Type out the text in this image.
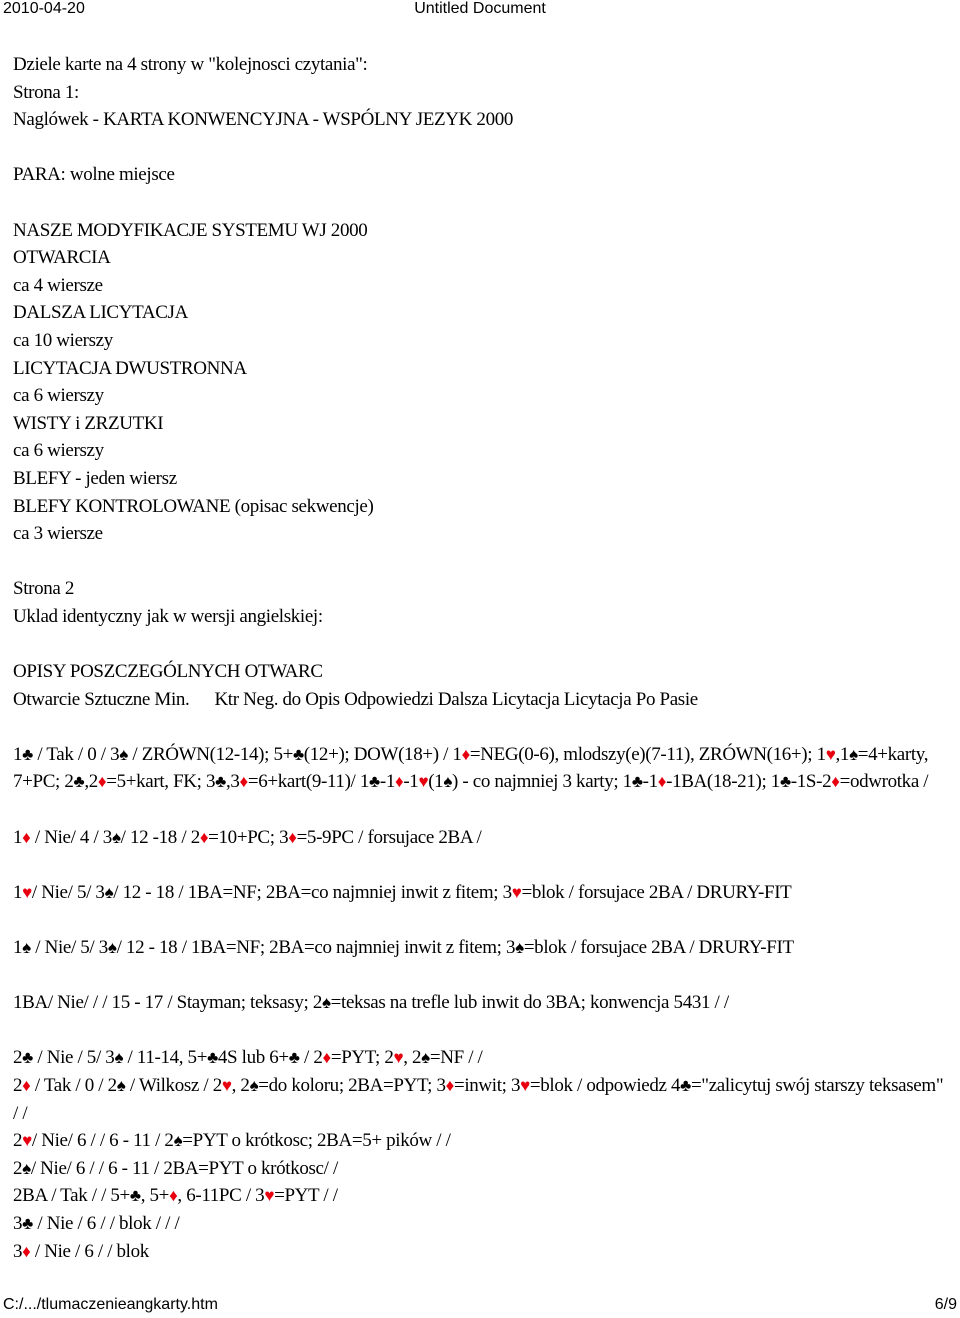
2010-04-20	Untitled Document
Dziele karte na 4 strony w "kolejnosci czytania":
Strona 1:
Naglówek - KARTA KONWENCYJNA - WSPÓLNY JEZYK 2000
PARA: wolne miejsce
NASZE MODYFIKACJE SYSTEMU WJ 2000
OTWARCIA
ca 4 wiersze
DALSZA LICYTACJA
ca 10 wierszy
LICYTACJA DWUSTRONNA
ca 6 wierszy
WISTY i ZRZUTKI
ca 6 wierszy
BLEFY - jeden wiersz
BLEFY KONTROLOWANE (opisac sekwencje)
ca 3 wiersze
Strona 2
Uklad identyczny jak w wersji angielskiej:
OPISY POSZCZEGÓLNYCH OTWARC
Otwarcie Sztuczne Min. Ktr Neg. do Opis Odpowiedzi Dalsza Licytacja Licytacja Po Pasie
1♣ / Tak / 0 / 3♠ / ZRÓWN(12-14); 5+♣(12+); DOW(18+) / 1♦=NEG(0-6), mlodszy(e)(7-11), ZRÓWN(16+); 1♥,1♠=4+karty, 7+PC; 2♣,2♦=5+kart, FK; 3♣,3♦=6+kart(9-11)/ 1♣-1♦-1♥(1♠) - co najmniej 3 karty; 1♣-1♦-1BA(18-21); 1♣-1S-2♦=odwrotka /
1♦ / Nie/ 4 / 3♠/ 12 -18 / 2♦=10+PC; 3♦=5-9PC / forsujace 2BA /
1♥/ Nie/ 5/ 3♠/ 12 - 18 / 1BA=NF; 2BA=co najmniej inwit z fitem; 3♥=blok / forsujace 2BA / DRURY-FIT
1♠ / Nie/ 5/ 3♠/ 12 - 18 / 1BA=NF; 2BA=co najmniej inwit z fitem; 3♠=blok / forsujace 2BA / DRURY-FIT
1BA/ Nie/ / / 15 - 17 / Stayman; teksasy; 2♠=teksas na trefle lub inwit do 3BA; konwencja 5431 / /
2♣ / Nie / 5/ 3♠ / 11-14, 5+♣4S lub 6+♣ / 2♦=PYT; 2♥, 2♠=NF / /
2♦ / Tak / 0 / 2♠ / Wilkosz / 2♥, 2♠=do koloru; 2BA=PYT; 3♦=inwit; 3♥=blok / odpowiedz 4♣="zalicytuj swój starszy teksasem" / /
2♥/ Nie/ 6 / / 6 - 11 / 2♠=PYT o krótkosc; 2BA=5+ pików / /
2♠/ Nie/ 6 / / 6 - 11 / 2BA=PYT o krótkosc/ /
2BA / Tak / / 5+♣, 5+♦, 6-11PC / 3♥=PYT / /
3♣ / Nie / 6 / / blok / / /
3♦ / Nie / 6 / / blok
C:/.../tlumaczenieangkarty.htm	6/9
